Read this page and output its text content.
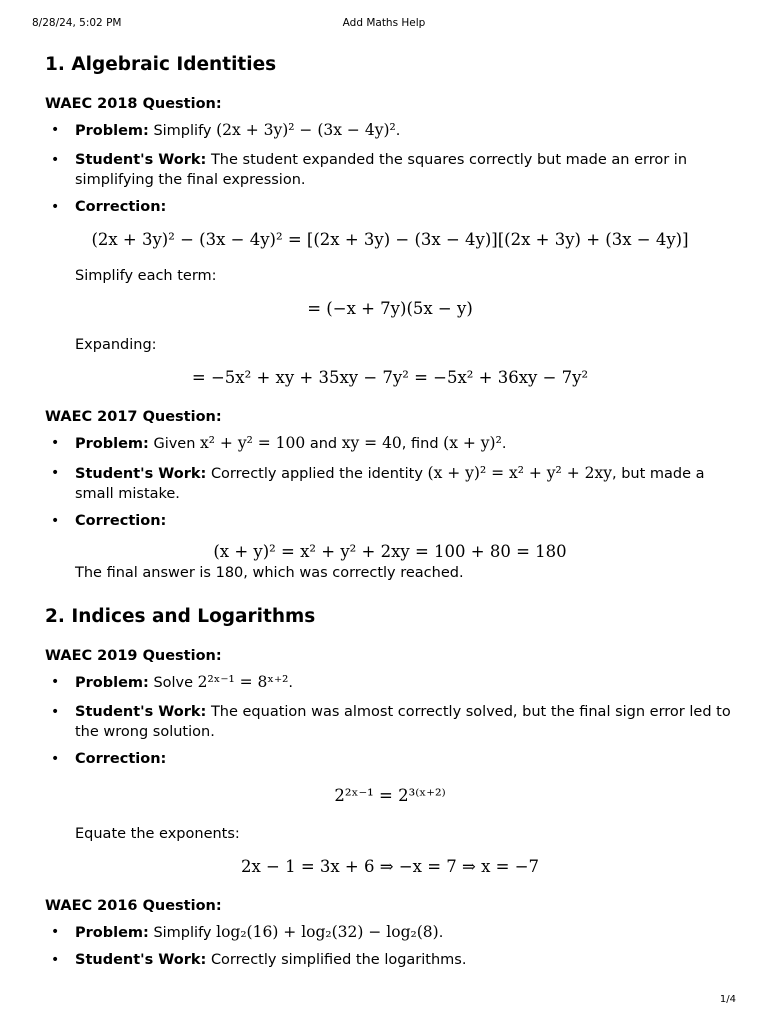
8/28/24, 5:02 PM	Add Maths Help
1. Algebraic Identities
WAEC 2018 Question:
• Problem: Simplify (2x + 3y)² − (3x − 4y)².
• Student's Work: The student expanded the squares correctly but made an error in simplifying the final expression.
• Correction:
(2x + 3y)² − (3x − 4y)² = [(2x + 3y) − (3x − 4y)][(2x + 3y) + (3x − 4y)]
Simplify each term:
= (−x + 7y)(5x − y)
Expanding:
= −5x² + xy + 35xy − 7y² = −5x² + 36xy − 7y²
WAEC 2017 Question:
• Problem: Given x² + y² = 100 and xy = 40, find (x + y)².
• Student's Work: Correctly applied the identity (x + y)² = x² + y² + 2xy, but made a small mistake.
• Correction:
(x + y)² = x² + y² + 2xy = 100 + 80 = 180
The final answer is 180, which was correctly reached.
2. Indices and Logarithms
WAEC 2019 Question:
• Problem: Solve 2²ˣ⁻¹ = 8ˣ⁺².
• Student's Work: The equation was almost correctly solved, but the final sign error led to the wrong solution.
• Correction:
2²ˣ⁻¹ = 2³⁽ˣ⁺²⁾
Equate the exponents:
2x − 1 = 3x + 6 ⇒ −x = 7 ⇒ x = −7
WAEC 2016 Question:
• Problem: Simplify log₂(16) + log₂(32) − log₂(8).
• Student's Work: Correctly simplified the logarithms.
1/4
